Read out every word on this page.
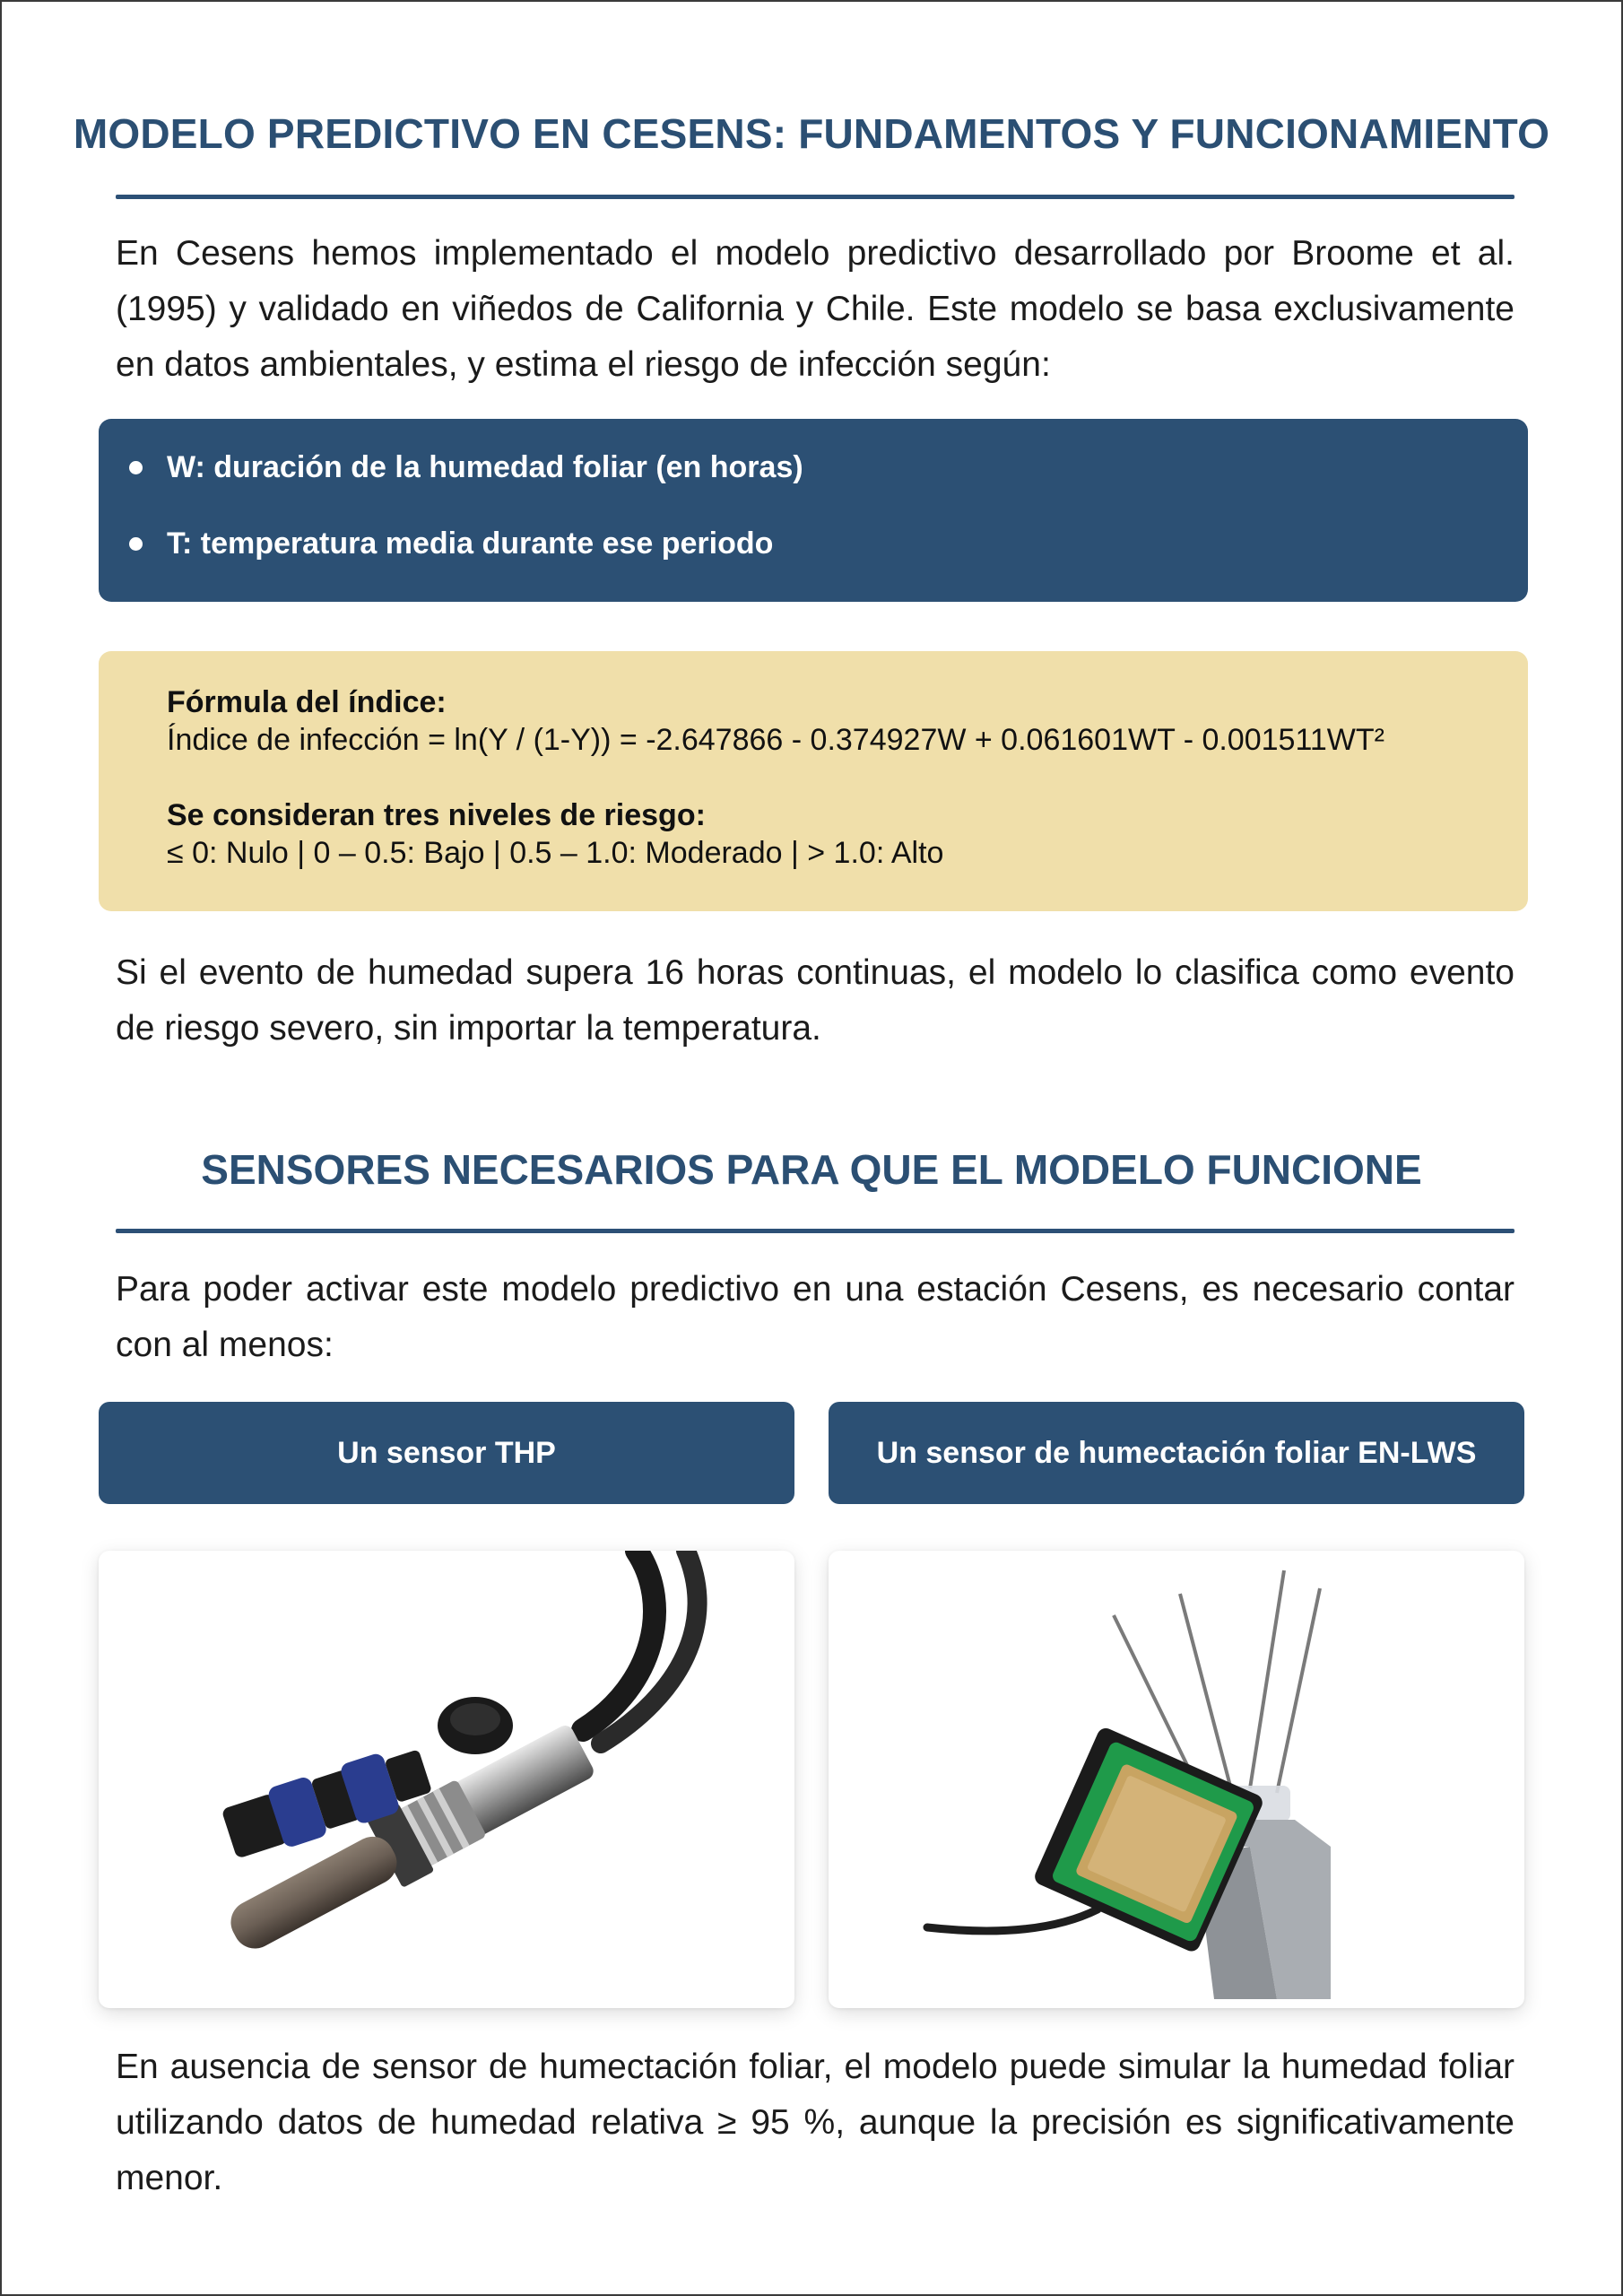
MODELO PREDICTIVO EN CESENS: FUNDAMENTOS Y FUNCIONAMIENTO

En Cesens hemos implementado el modelo predictivo desarrollado por Broome et al. (1995) y validado en viñedos de California y Chile. Este modelo se basa exclusivamente en datos ambientales, y estima el riesgo de infección según:

W: duración de la humedad foliar (en horas)
T: temperatura media durante ese periodo
Fórmula del índice:
Índice de infección = ln(Y / (1-Y)) = -2.647866 - 0.374927W + 0.061601WT - 0.001511WT²
Se consideran tres niveles de riesgo:
≤ 0: Nulo | 0 – 0.5: Bajo | 0.5 – 1.0: Moderado | > 1.0: Alto

Si el evento de humedad supera 16 horas continuas, el modelo lo clasifica como evento de riesgo severo, sin importar la temperatura.

SENSORES NECESARIOS PARA QUE EL MODELO FUNCIONE

Para poder activar este modelo predictivo en una estación Cesens, es necesario contar con al menos:

Un sensor THP	Un sensor de humectación foliar EN-LWS

En ausencia de sensor de humectación foliar, el modelo puede simular la humedad foliar utilizando datos de humedad relativa ≥ 95 %, aunque la precisión es significativamente menor.
